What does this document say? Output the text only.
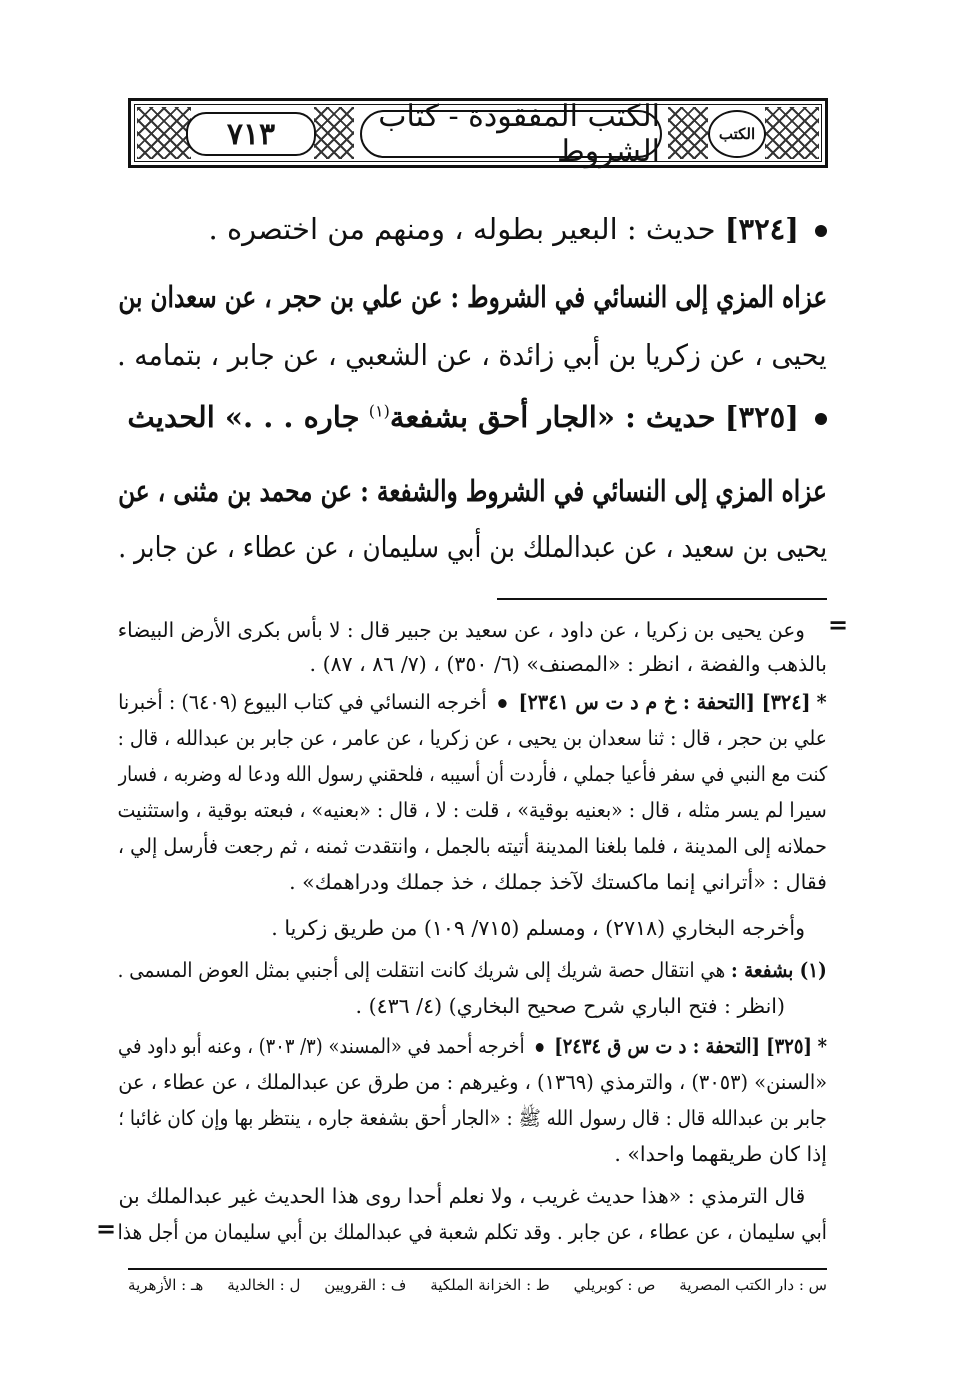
٧١٣	الكتب المفقودة - كتاب الشروط
الكتب
[٣٢٤] حديث : البعير بطوله ، ومنهم من اختصره .
عزاه المزي إلى النسائي في الشروط : عن علي بن حجر ، عن سعدان بن
يحيى ، عن زكريا بن أبي زائدة ، عن الشعبي ، عن جابر ، بتمامه .
[٣٢٥] حديث : «الجار أحق بشفعة$^{(١)}$ جاره . . .» الحديث
عزاه المزي إلى النسائي في الشروط والشفعة : عن محمد بن مثنى ، عن
يحيى بن سعيد ، عن عبدالملك بن أبي سليمان ، عن عطاء ، عن جابر .
=
وعن يحيى بن زكريا ، عن داود ، عن سعيد بن جبير قال : لا بأس بكرى الأرض البيضاء
بالذهب والفضة ، انظر : «المصنف» (٦/ ٣٥٠) ، (٧/ ٨٦ ، ٨٧) .
* [٣٢٤] [التحفة : خ م د ت س ٢٣٤١]  أخرجه النسائي في كتاب البيوع (٦٤٠٩) : أخبرنا
علي بن حجر ، قال : ثنا سعدان بن يحيى ، عن زكريا ، عن عامر ، عن جابر بن عبدالله ، قال :
كنت مع النبي في سفر فأعيا جملي ، فأردت أن أسيبه ، فلحقني رسول الله ودعا له وضربه ، فسار
سيرا لم يسر مثله ، قال : «بعنيه بوقية» ، قلت : لا ، قال : «بعنيه» ، فبعته بوقية ، واستثنيت
حملانه إلى المدينة ، فلما بلغنا المدينة أتيته بالجمل ، وانتقدت ثمنه ، ثم رجعت فأرسل إلي ،
فقال : «أتراني إنما ماكستك لآخذ جملك ، خذ جملك ودراهمك» .
وأخرجه البخاري (٢٧١٨) ، ومسلم (٧١٥/ ١٠٩) من طريق زكريا .
(١) بشفعة : هي انتقال حصة شريك إلى شريك كانت انتقلت إلى أجنبي بمثل العوض المسمى .
(انظر : فتح الباري شرح صحيح البخاري) (٤/ ٤٣٦) .
* [٣٢٥] [التحفة : د ت س ق ٢٤٣٤]  أخرجه أحمد في «المسند» (٣/ ٣٠٣) ، وعنه أبو داود في
«السنن» (٣٠٥٣) ، والترمذي (١٣٦٩) ، وغيرهم : من طرق عن عبدالملك ، عن عطاء ، عن
جابر بن عبدالله قال : قال رسول الله ﷺ : «الجار أحق بشفعة جاره ، ينتظر بها وإن كان غائبا ؛
إذا كان طريقهما واحدا» .
قال الترمذي : «هذا حديث غريب ، ولا نعلم أحدا روى هذا الحديث غير عبدالملك بن
أبي سليمان ، عن عطاء ، عن جابر . وقد تكلم شعبة في عبدالملك بن أبي سليمان من أجل هذا
=
س : دار الكتب المصرية
ص : كوبريلي
ط : الخزانة الملكية
ف : القرويين
ل : الخالدية
هـ : الأزهرية
